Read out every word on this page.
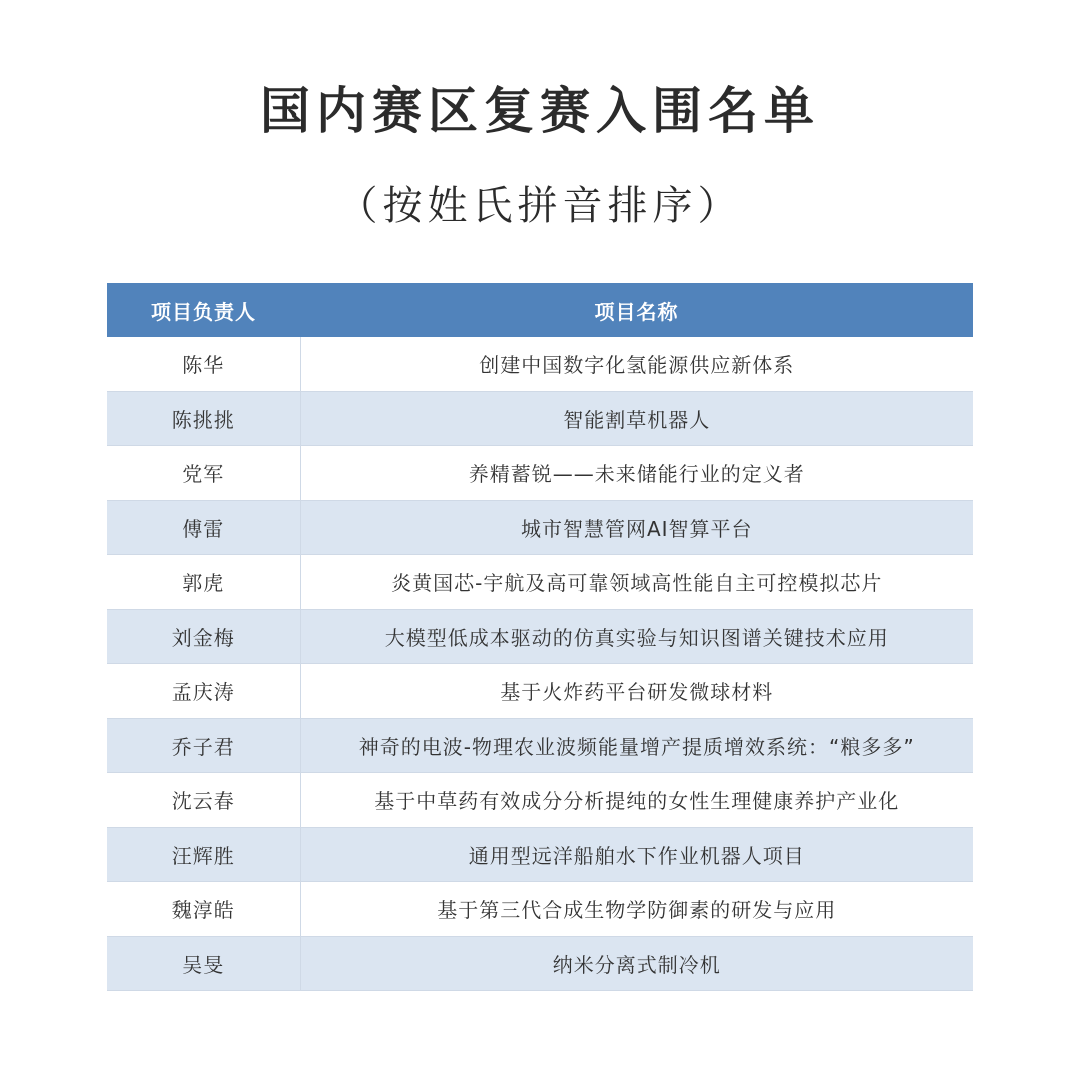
国内赛区复赛入围名单
（按姓氏拼音排序）
项目负责人	项目名称
陈华	创建中国数字化氢能源供应新体系
陈挑挑	智能割草机器人
党军	养精蓄锐——未来储能行业的定义者
傅雷	城市智慧管网AI智算平台
郭虎	炎黄国芯-宇航及高可靠领域高性能自主可控模拟芯片
刘金梅	大模型低成本驱动的仿真实验与知识图谱关键技术应用
孟庆涛	基于火炸药平台研发微球材料
乔子君	神奇的电波-物理农业波频能量增产提质增效系统：“粮多多”
沈云春	基于中草药有效成分分析提纯的女性生理健康养护产业化
汪辉胜	通用型远洋船舶水下作业机器人项目
魏淳皓	基于第三代合成生物学防御素的研发与应用
吴旻	纳米分离式制冷机
